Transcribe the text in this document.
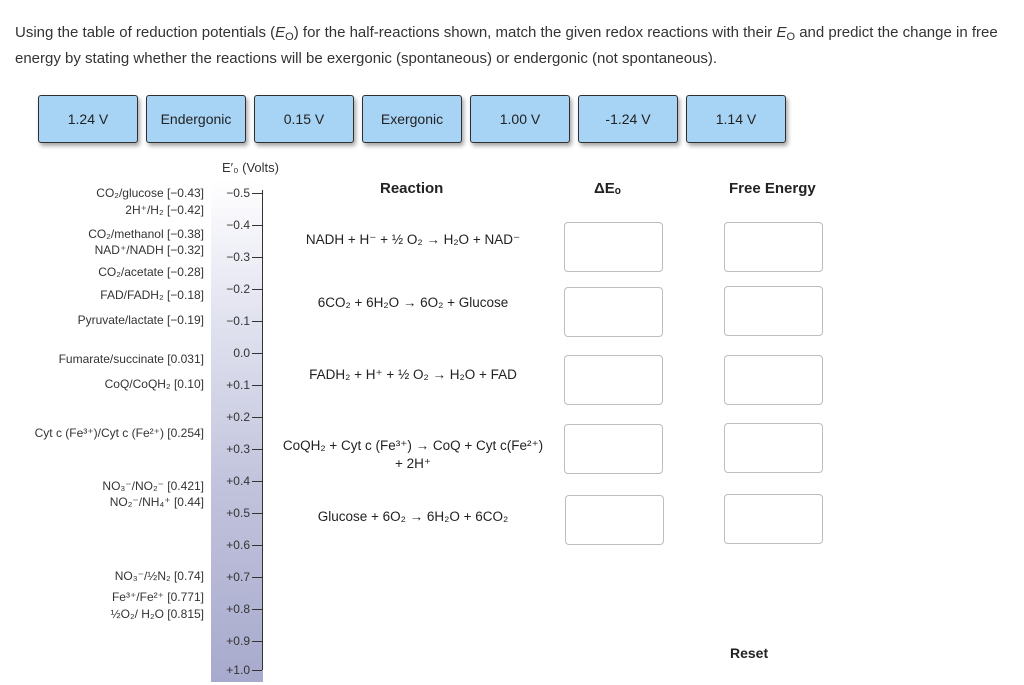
Using the table of reduction potentials $(E_O)$ for the half-reactions shown, match the given redox reactions with their $E_O$ and predict the change in free energy by stating whether the reactions will be exergonic (spontaneous) or endergonic (not spontaneous).
1.24 V	Endergonic	0.15 V	Exergonic	1.00 V	-1.24 V	1.14 V
E′₀ (Volts)
−0.5
−0.4
−0.3
−0.2
−0.1
0.0
+0.1
+0.2
+0.3
+0.4
+0.5
+0.6
+0.7
+0.8
+0.9
+1.0
CO₂/glucose [−0.43]
2H⁺/H₂ [−0.42]
CO₂/methanol [−0.38]
NAD⁺/NADH [−0.32]
CO₂/acetate [−0.28]
FAD/FADH₂ [−0.18]
Pyruvate/lactate [−0.19]
Fumarate/succinate [0.031]
CoQ/CoQH₂ [0.10]
Cyt c (Fe³⁺)/Cyt c (Fe²⁺) [0.254]
NO₃⁻/NO₂⁻ [0.421]
NO₂⁻/NH₄⁺ [0.44]
NO₃⁻/½N₂ [0.74]
Fe³⁺/Fe²⁺ [0.771]
½O₂/ H₂O [0.815]
Reaction	ΔEₒ	Free Energy
NADH + H⁻ + ½ O₂ → H₂O + NAD⁻
6CO₂ + 6H₂O → 6O₂ + Glucose
FADH₂ + H⁺ + ½ O₂ → H₂O + FAD
CoQH₂ + Cyt c (Fe³⁺) → CoQ + Cyt c(Fe²⁺) + 2H⁺
Glucose + 6O₂ → 6H₂O + 6CO₂
Reset
